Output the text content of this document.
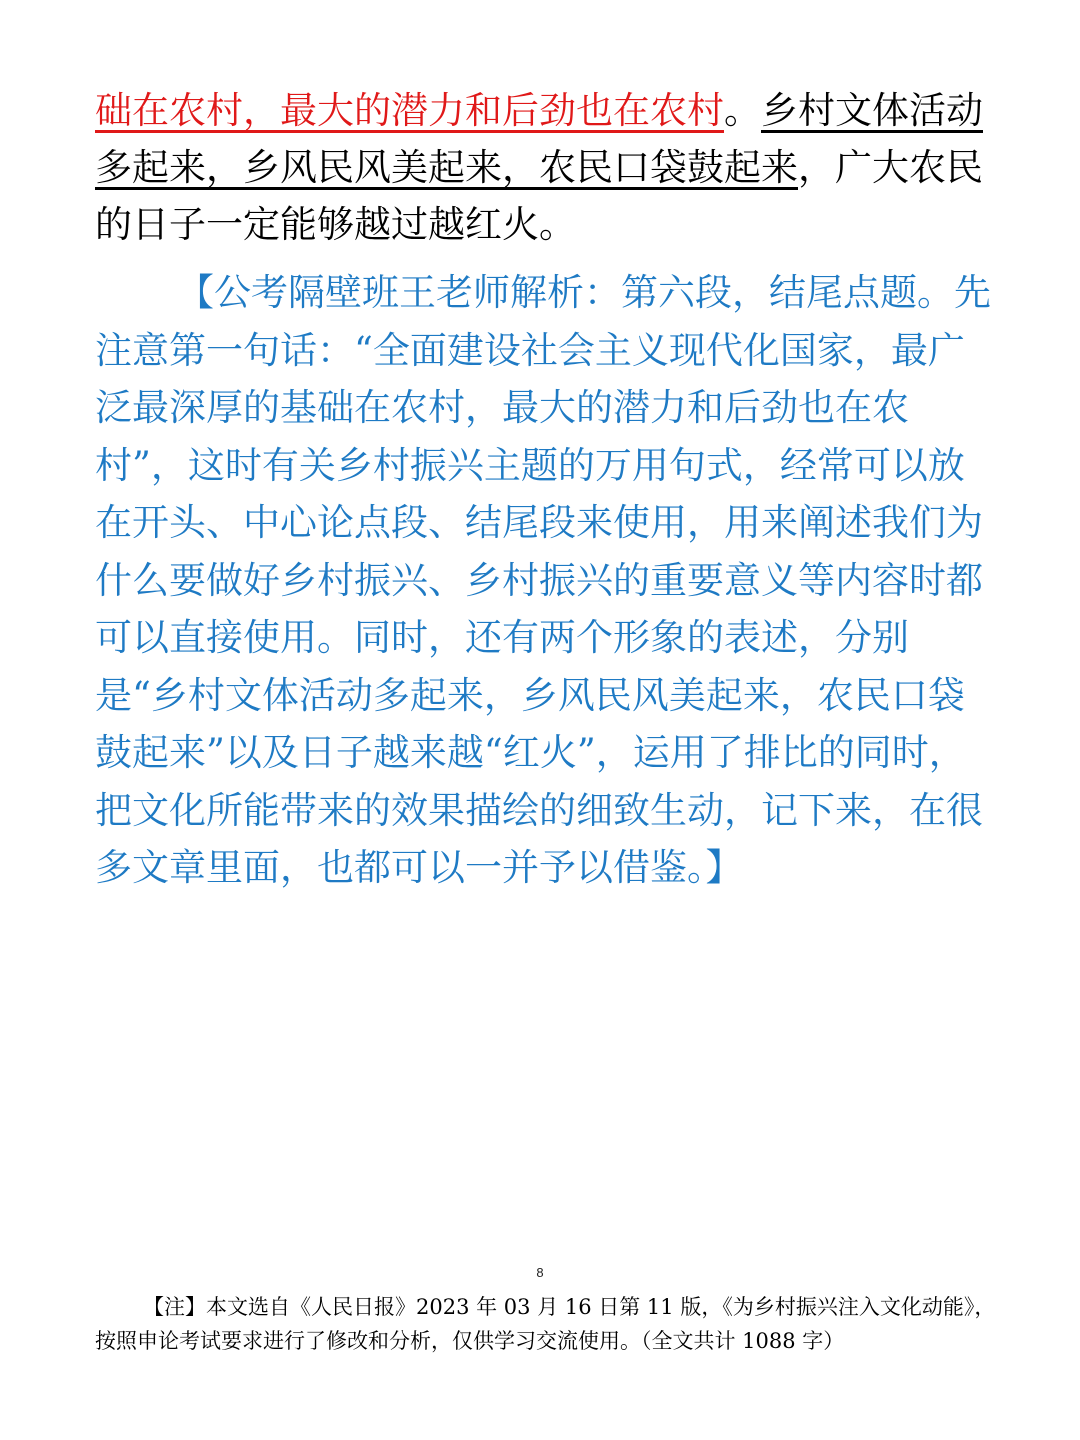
础在农村，最大的潜力和后劲也在农村。乡村文体活动多起来，乡风民风美起来，农民口袋鼓起来，广大农民的日子一定能够越过越红火。
【公考隔壁班王老师解析：第六段，结尾点题。先注意第一句话：“全面建设社会主义现代化国家，最广泛最深厚的基础在农村，最大的潜力和后劲也在农村”，这时有关乡村振兴主题的万用句式，经常可以放在开头、中心论点段、结尾段来使用，用来阐述我们为什么要做好乡村振兴、乡村振兴的重要意义等内容时都可以直接使用。同时，还有两个形象的表述，分别是“乡村文体活动多起来，乡风民风美起来，农民口袋鼓起来”以及日子越来越“红火”，运用了排比的同时，把文化所能带来的效果描绘的细致生动，记下来，在很多文章里面，也都可以一并予以借鉴。】
8
【注】本文选自《人民日报》2023 年 03 月 16 日第 11 版，《为乡村振兴注入文化动能》，按照申论考试要求进行了修改和分析，仅供学习交流使用。（全文共计 1088 字）
